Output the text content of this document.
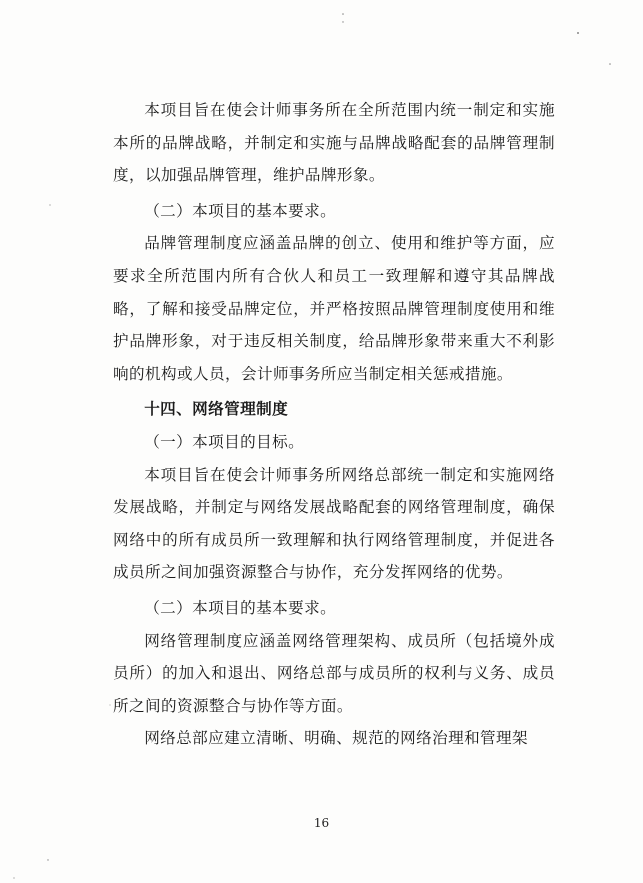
本项目旨在使会计师事务所在全所范围内统一制定和实施本所的品牌战略，并制定和实施与品牌战略配套的品牌管理制度，以加强品牌管理，维护品牌形象。

（二）本项目的基本要求。

品牌管理制度应涵盖品牌的创立、使用和维护等方面，应要求全所范围内所有合伙人和员工一致理解和遵守其品牌战略，了解和接受品牌定位，并严格按照品牌管理制度使用和维护品牌形象，对于违反相关制度，给品牌形象带来重大不利影响的机构或人员，会计师事务所应当制定相关惩戒措施。

十四、网络管理制度

（一）本项目的目标。

本项目旨在使会计师事务所网络总部统一制定和实施网络发展战略，并制定与网络发展战略配套的网络管理制度，确保网络中的所有成员所一致理解和执行网络管理制度，并促进各成员所之间加强资源整合与协作，充分发挥网络的优势。

（二）本项目的基本要求。

网络管理制度应涵盖网络管理架构、成员所（包括境外成员所）的加入和退出、网络总部与成员所的权利与义务、成员所之间的资源整合与协作等方面。

网络总部应建立清晰、明确、规范的网络治理和管理架

16
